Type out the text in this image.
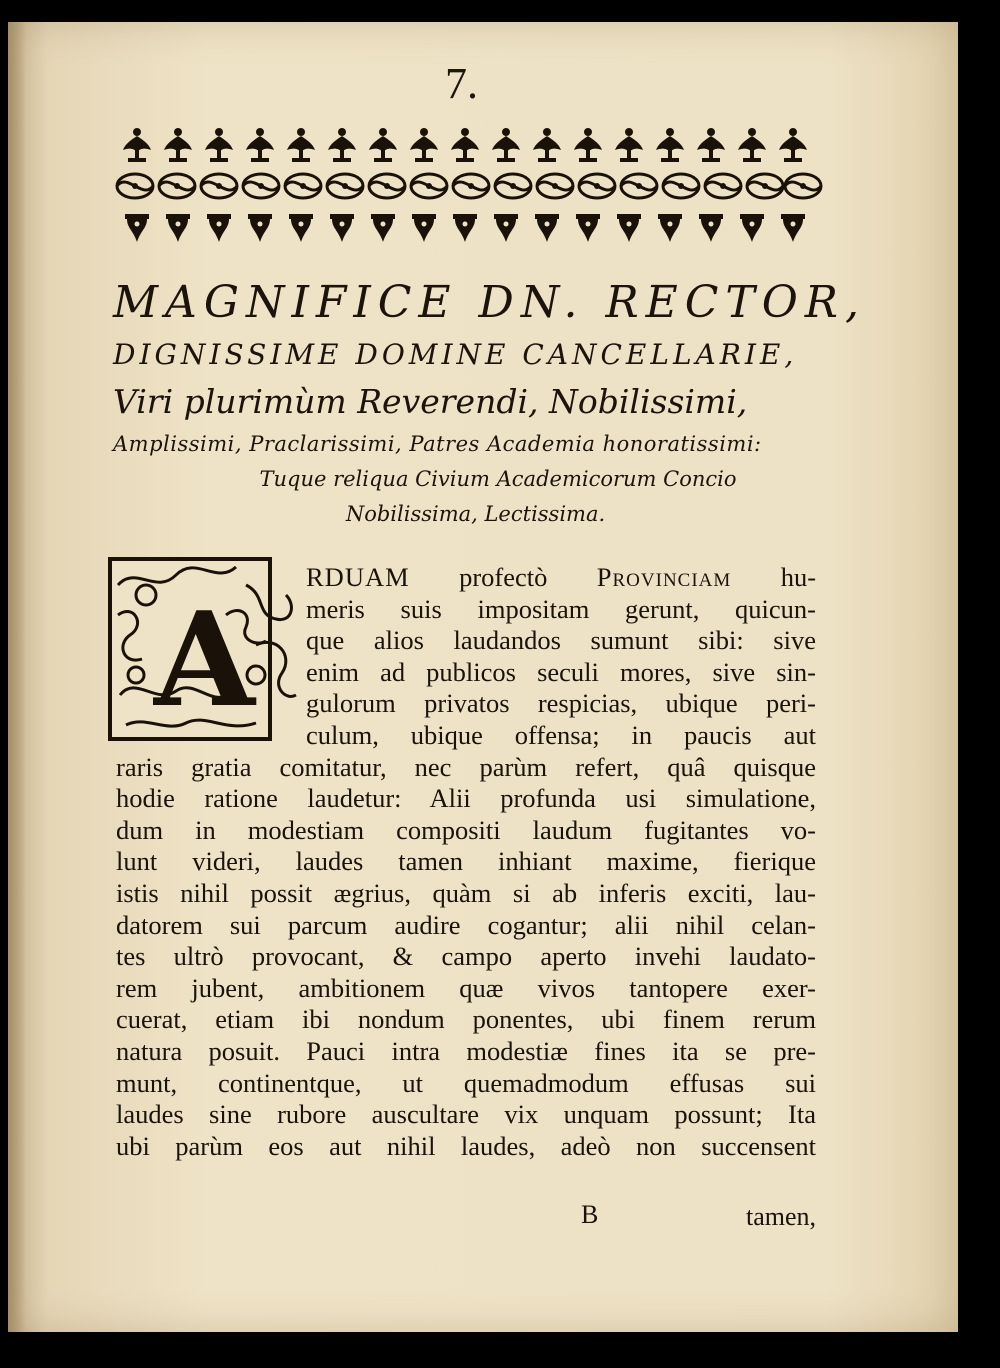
7.
MAGNIFICE DN. RECTOR,
DIGNISSIME DOMINE CANCELLARIE,
Viri plurimùm Reverendi, Nobilissimi,
Amplissimi, Praclarissimi, Patres Academia honoratissimi:
Tuque reliqua Civium Academicorum Concio
Nobilissima, Lectissima.
A
RDUAM profectò Provinciam hu-
meris suis impositam gerunt, quicun-
que alios laudandos sumunt sibi: sive
enim ad publicos seculi mores, sive sin-
gulorum privatos respicias, ubique peri-
culum, ubique offensa; in paucis aut
raris gratia comitatur, nec parùm refert, quâ quisque
hodie ratione laudetur: Alii profunda usi simulatione,
dum in modestiam compositi laudum fugitantes vo-
lunt videri, laudes tamen inhiant maxime, fierique
istis nihil possit ægrius, quàm si ab inferis exciti, lau-
datorem sui parcum audire cogantur; alii nihil celan-
tes ultrò provocant, & campo aperto invehi laudato-
rem jubent, ambitionem quæ vivos tantopere exer-
cuerat, etiam ibi nondum ponentes, ubi finem rerum
natura posuit. Pauci intra modestiæ fines ita se pre-
munt, continentque, ut quemadmodum effusas sui
laudes sine rubore auscultare vix unquam possunt; Ita
ubi parùm eos aut nihil laudes, adeò non succensent
B	tamen,
